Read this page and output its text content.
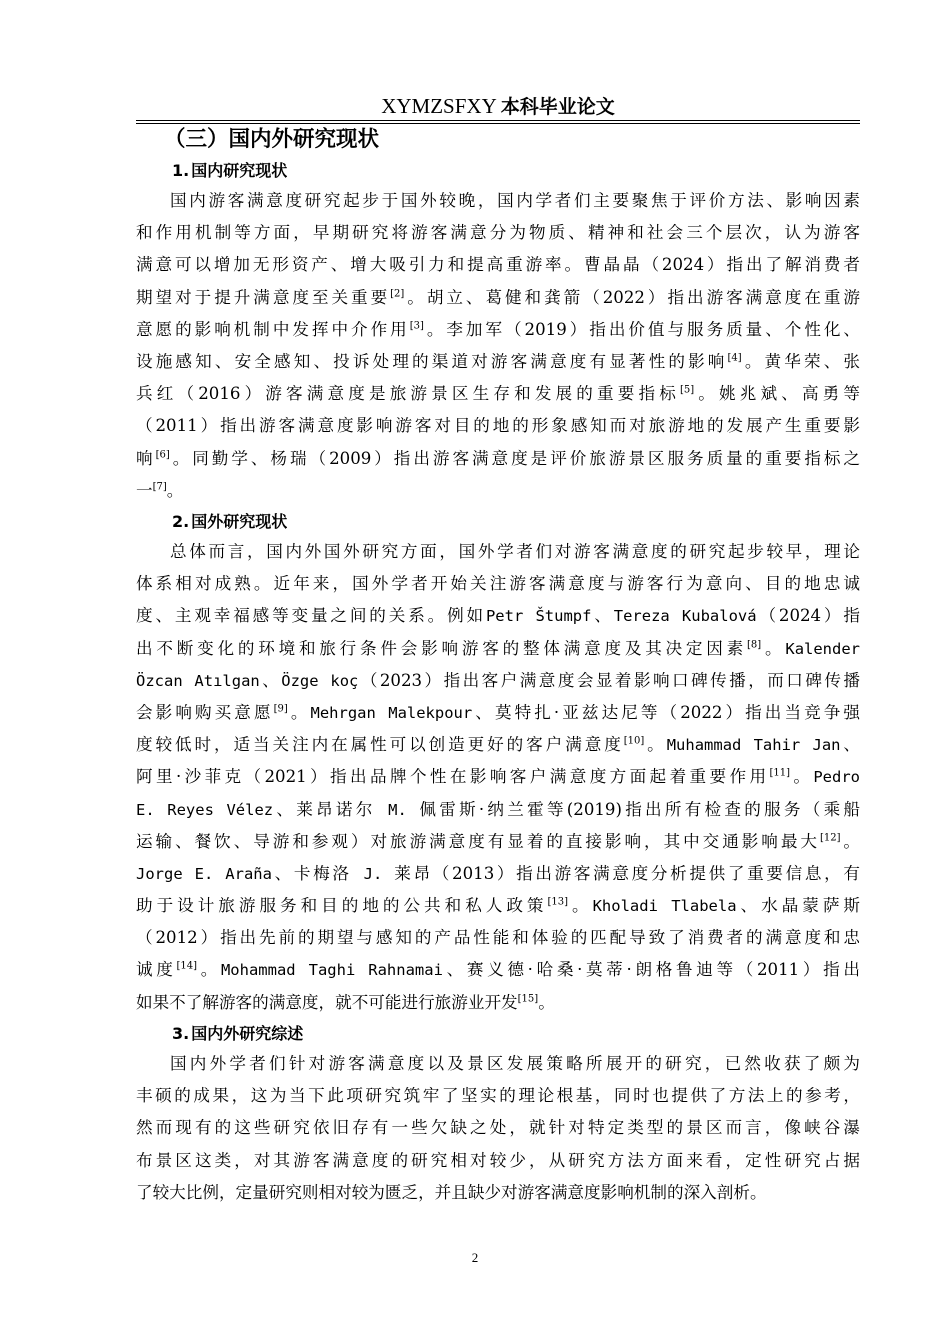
XYMZSFXY 本科毕业论文
（三）国内外研究现状
1. 国内研究现状
国内游客满意度研究起步于国外较晚，国内学者们主要聚焦于评价方法、影响因素
和作用机制等方面，早期研究将游客满意分为物质、精神和社会三个层次，认为游客
满意可以增加无形资产、增大吸引力和提高重游率。曹晶晶（2024）指出了解消费者
期望对于提升满意度至关重要[2]。胡立、葛健和龚箭（2022）指出游客满意度在重游
意愿的影响机制中发挥中介作用[3]。李加军（2019）指出价值与服务质量、个性化、
设施感知、安全感知、投诉处理的渠道对游客满意度有显著性的影响[4]。黄华荣、张
兵红（2016）游客满意度是旅游景区生存和发展的重要指标[5]。姚兆斌、高勇等
（2011）指出游客满意度影响游客对目的地的形象感知而对旅游地的发展产生重要影
响[6]。同勤学、杨瑞（2009）指出游客满意度是评价旅游景区服务质量的重要指标之
一[7]。
2. 国外研究现状
总体而言，国内外国外研究方面，国外学者们对游客满意度的研究起步较早，理论
体系相对成熟。近年来，国外学者开始关注游客满意度与游客行为意向、目的地忠诚
度、主观幸福感等变量之间的关系。例如Petr Štumpf、Tereza Kubalová（2024）指
出不断变化的环境和旅行条件会影响游客的整体满意度及其决定因素[8]。Kalender
Özcan Atılgan、Özge koç（2023）指出客户满意度会显着影响口碑传播，而口碑传播
会影响购买意愿[9]。Mehrgan Malekpour、莫特扎·亚兹达尼等（2022）指出当竞争强
度较低时，适当关注内在属性可以创造更好的客户满意度[10]。Muhammad Tahir Jan、
阿里·沙菲克（2021）指出品牌个性在影响客户满意度方面起着重要作用[11]。Pedro
E. Reyes Vélez、莱昂诺尔 M. 佩雷斯·纳兰霍等(2019)指出所有检查的服务（乘船
运输、餐饮、导游和参观）对旅游满意度有显着的直接影响，其中交通影响最大[12]。
Jorge E. Araña、卡梅洛 J. 莱昂（2013）指出游客满意度分析提供了重要信息，有
助于设计旅游服务和目的地的公共和私人政策[13]。Kholadi Tlabela、水晶蒙萨斯
（2012）指出先前的期望与感知的产品性能和体验的匹配导致了消费者的满意度和忠
诚度[14]。Mohammad Taghi Rahnamai、赛义德·哈桑·莫蒂·朗格鲁迪等（2011）指出
如果不了解游客的满意度，就不可能进行旅游业开发[15]。
3. 国内外研究综述
国内外学者们针对游客满意度以及景区发展策略所展开的研究，已然收获了颇为
丰硕的成果，这为当下此项研究筑牢了坚实的理论根基，同时也提供了方法上的参考，
然而现有的这些研究依旧存有一些欠缺之处，就针对特定类型的景区而言，像峡谷瀑
布景区这类，对其游客满意度的研究相对较少，从研究方法方面来看，定性研究占据
了较大比例，定量研究则相对较为匮乏，并且缺少对游客满意度影响机制的深入剖析。
2
